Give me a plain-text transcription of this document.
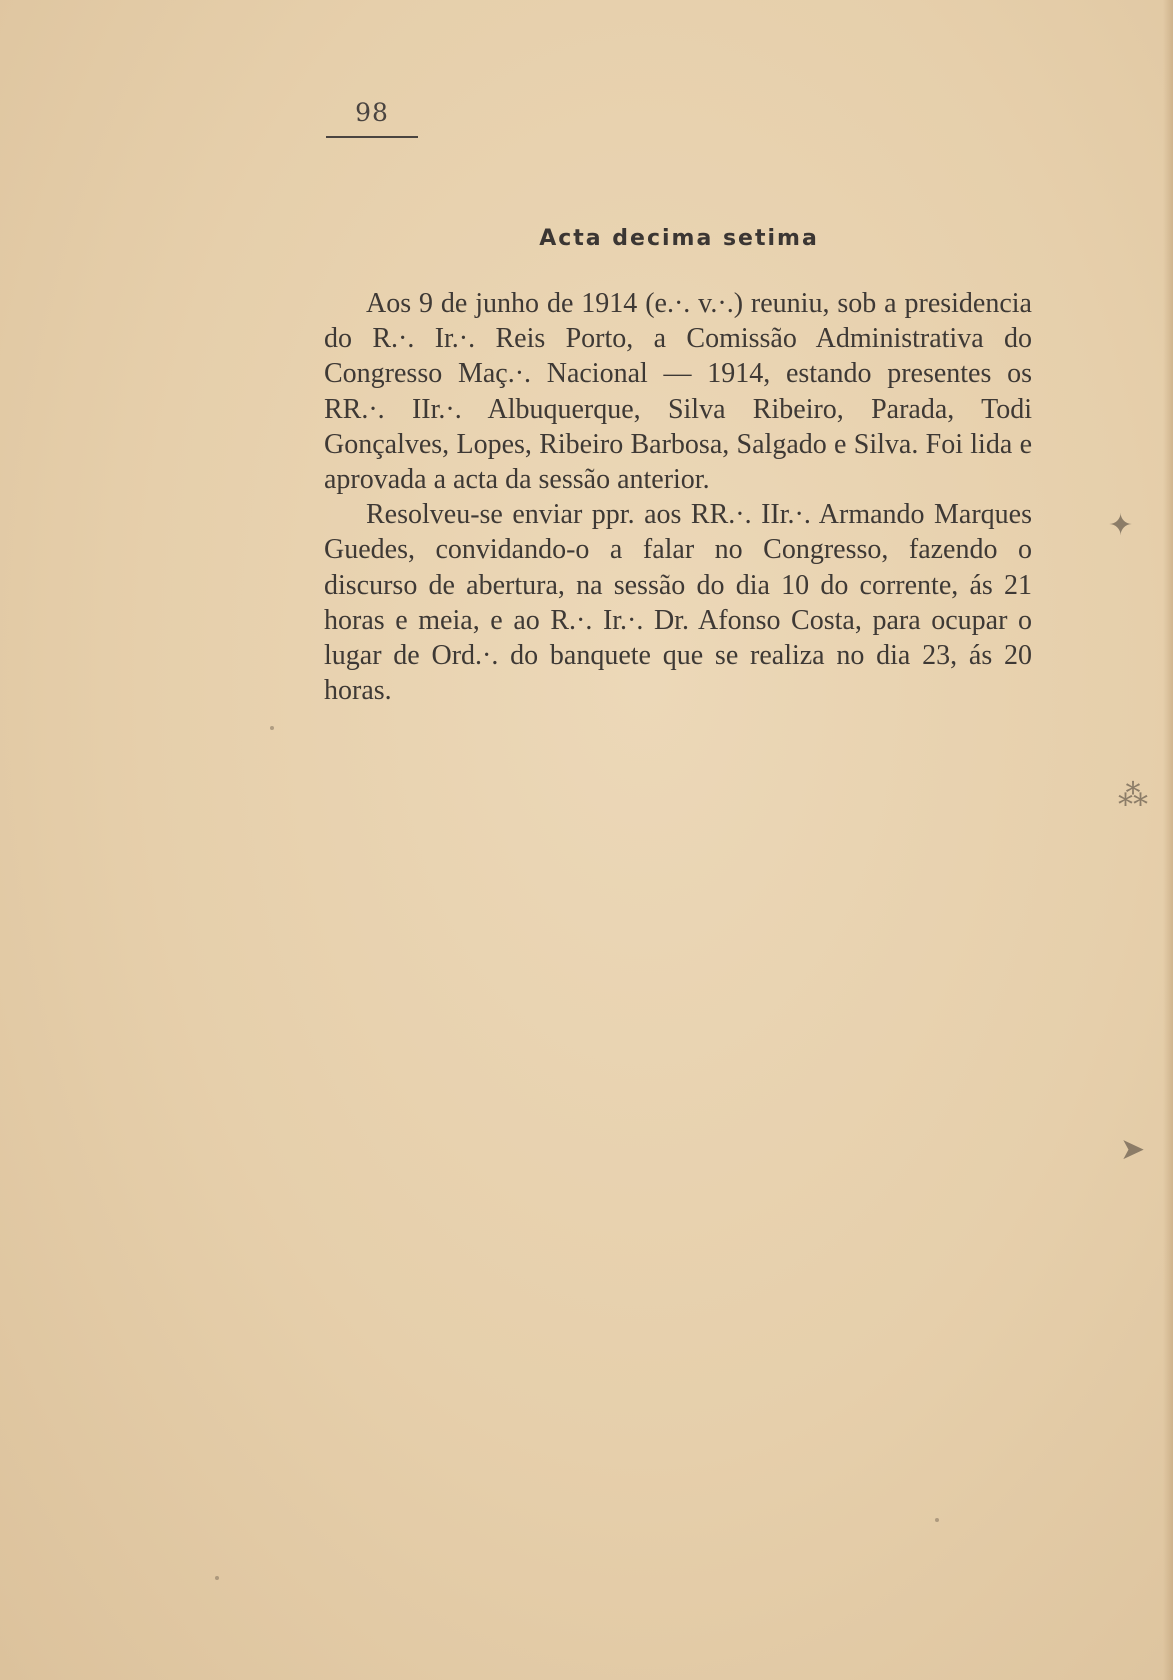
98
Acta decima setima

Aos 9 de junho de 1914 (e.·. v.·.) reuniu, sob a presidencia do R.·. Ir.·. Reis Porto, a Comissão Administrativa do Congresso Maç.·. Nacional — 1914, estando presentes os RR.·. IIr.·. Albuquerque, Silva Ribeiro, Parada, Todi Gonçalves, Lopes, Ribeiro Barbosa, Salgado e Silva. Foi lida e aprovada a acta da sessão anterior.

Resolveu-se enviar ppr. aos RR.·. IIr.·. Armando Marques Guedes, convidando-o a falar no Congresso, fazendo o discurso de abertura, na sessão do dia 10 do corrente, ás 21 horas e meia, e ao R.·. Ir.·. Dr. Afonso Costa, para ocupar o lugar de Ord.·. do banquete que se realiza no dia 23, ás 20 horas.

✦
⁂
➤
